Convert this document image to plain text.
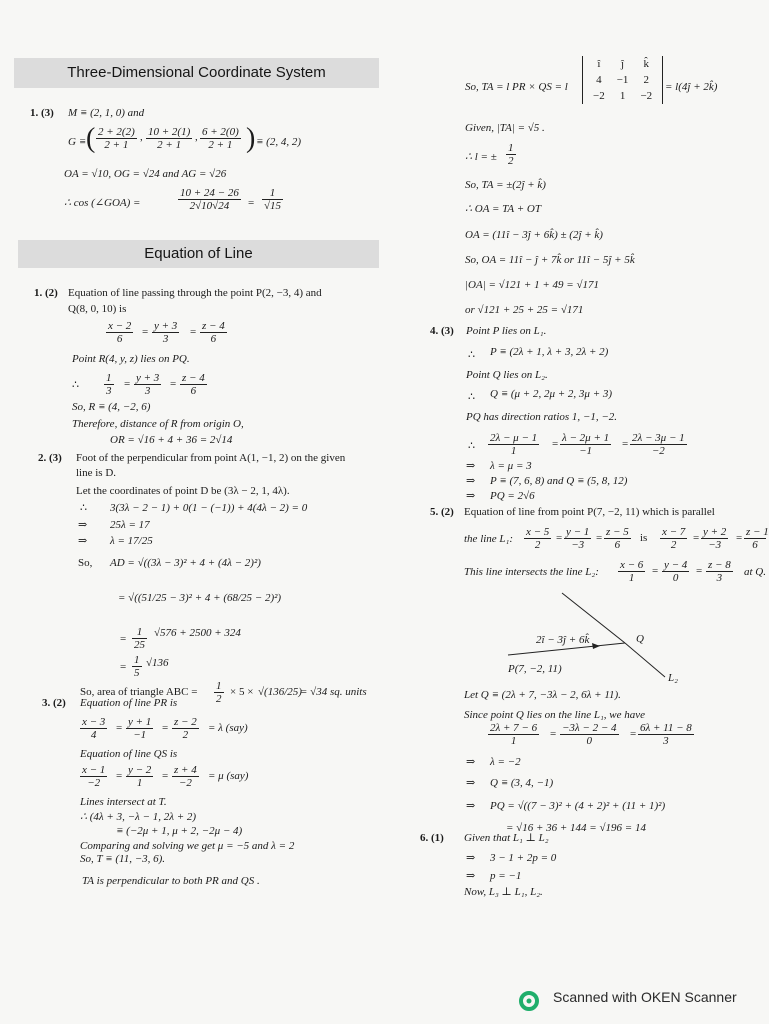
Three-Dimensional Coordinate System
Equation of Line
1. (3) M ≡ (2, 1, 0) and
G ≡ ( $\frac{2 + 2(2)}{2 + 1}$ , $\frac{10 + 2(1)}{2 + 1}$ , $\frac{6 + 2(0)}{2 + 1}$ ) ≡ (2, 4, 2)
OA = √10, OG = √24 and AG = √26
∴ cos (∠GOA) =	$\frac{10 + 24 - 26}{2√10√24} = \frac{1}{√15}$
1. (2) Equation of line passing through the point P(2, −3, 4) and
Q(8, 0, 10) is
$\frac{x - 2}{6} = \frac{y + 3}{3} = \frac{z - 4}{6}$
Point R(4, y, z) lies on PQ.
∴ $\frac{1}{3} = \frac{y + 3}{3} = \frac{z - 4}{6}$
So, R ≡ (4, −2, 6)
Therefore, distance of R from origin O,
OR = √16 + 4 + 36 = 2√14
2. (3) Foot of the perpendicular from point A(1, −1, 2) on the given
line is D.
Let the coordinates of point D be (3λ − 2, 1, 4λ).
∴ 3(3λ − 2 − 1) + 0(1 − (−1)) + 4(4λ − 2) = 0
⇒ 25λ = 17
⇒ λ = 17/25
So, AD = √((3λ − 3)² + 4 + (4λ − 2)²)
= √((51/25 − 3)² + 4 + (68/25 − 2)²)
= $\frac{1}{25} √576 + 2500 + 324$
= $\frac{1}{5} √136$
So, area of triangle ABC = $\frac{1}{2} \times 5 \times √(136/25)$
= √34 sq. units
3. (2) Equation of line PR is
$\frac{x - 3}{4} = \frac{y + 1}{-1} = \frac{z - 2}{2} = \lambda$ (say)
Equation of line QS is
$\frac{x - 1}{-2} = \frac{y - 2}{1} = \frac{z + 4}{-2} = \mu$ (say)
Lines intersect at T.
∴ (4λ + 3, −λ − 1, 2λ + 2)
≡ (−2μ + 1, μ + 2, −2μ − 4)
Comparing and solving we get μ = −5 and λ = 2
So, T ≡ (11, −3, 6).
TA is perpendicular to both PR and QS .
So, TA = l PR × QS = l
î	ĵ	k̂
4	−1	2
−2	1	−2
= l(4ĵ + 2k̂)
Given, |TA| = √5 .
∴ l = ± $\frac{1}{2}$
So, TA = ±(2ĵ + k̂)
∴ OA = TA + OT
OA = (11î − 3ĵ + 6k̂) ± (2ĵ + k̂)
So, OA = 11î − ĵ + 7k̂ or 11î − 5ĵ + 5k̂
|OA| = √121 + 1 + 49 = √171
or √121 + 25 + 25 = √171
4. (3) Point P lies on L₁.
∴ P ≡ (2λ + 1, λ + 3, 2λ + 2)
Point Q lies on L₂.
∴ Q ≡ (μ + 2, 2μ + 2, 3μ + 3)
PQ has direction ratios 1, −1, −2.
∴ $\frac{2\lambda - \mu - 1}{1} = \frac{\lambda - 2\mu + 1}{-1} = \frac{2\lambda - 3\mu - 1}{-2}$
⇒ λ = μ = 3
⇒ P ≡ (7, 6, 8) and Q ≡ (5, 8, 12)
⇒ PQ = 2√6
5. (2) Equation of line from point P(7, −2, 11) which is parallel
the line L₁: $\frac{x - 5}{2} = \frac{y - 1}{-3} = \frac{z - 5}{6}$ is $\frac{x - 7}{2} = \frac{y + 2}{-3} = \frac{z - 1}{6}$
This line intersects the line L₂: $\frac{x - 6}{1} = \frac{y - 4}{0} = \frac{z - 8}{3}$ at Q.
2î − 3ĵ + 6k̂	Q
P(7, −2, 11)
L₂
Let Q ≡ (2λ + 7, −3λ − 2, 6λ + 11).
Since point Q lies on the line L₁, we have
$\frac{2\lambda + 7 - 6}{1} = \frac{-3\lambda - 2 - 4}{0} = \frac{6\lambda + 11 - 8}{3}$
⇒ λ = −2
⇒ Q ≡ (3, 4, −1)
⇒ PQ = √((7 − 3)² + (4 + 2)² + (11 + 1)²)
= √16 + 36 + 144 = √196 = 14
6. (1) Given that L₁ ⊥ L₂
⇒ 3 − 1 + 2p = 0
⇒ p = −1
Now, L₃ ⊥ L₁, L₂.
Scanned with OKEN Scanner
